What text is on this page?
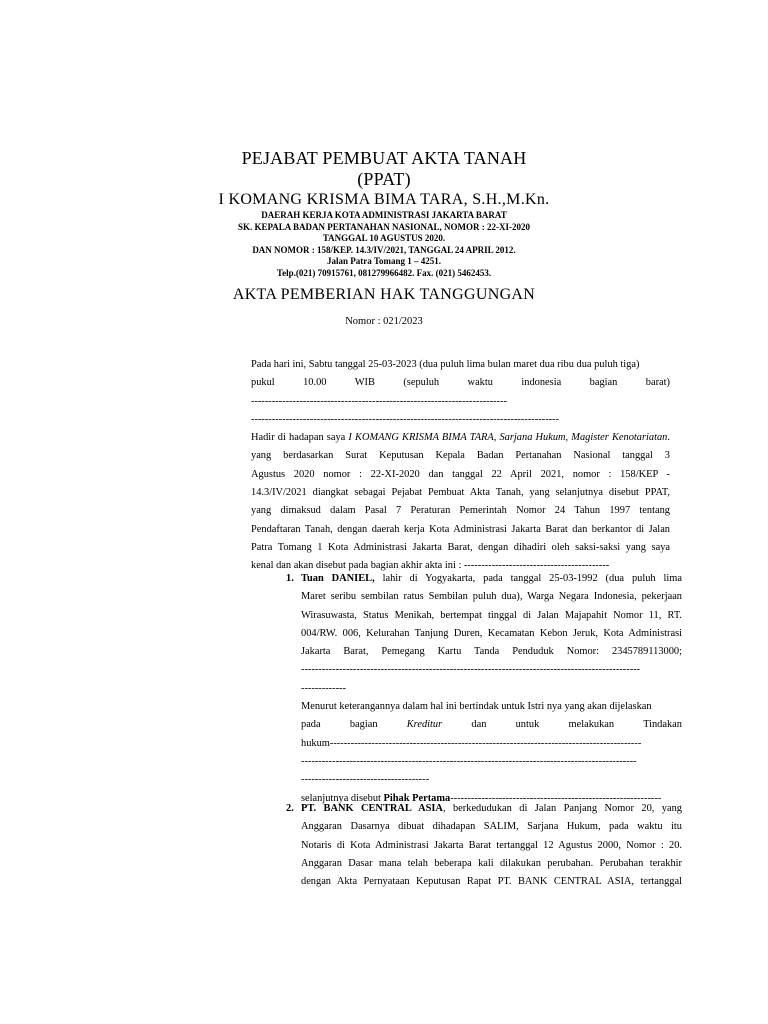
PEJABAT PEMBUAT AKTA TANAH
(PPAT)
I KOMANG KRISMA BIMA TARA, S.H.,M.Kn.
DAERAH KERJA KOTA ADMINISTRASI JAKARTA BARAT
SK. KEPALA BADAN PERTANAHAN NASIONAL, NOMOR : 22-XI-2020
TANGGAL 10 AGUSTUS 2020.
DAN NOMOR : 158/KEP. 14.3/IV/2021, TANGGAL 24 APRIL 2012.
Jalan Patra Tomang 1 – 4251.
Telp.(021) 70915761, 081279966482. Fax. (021) 5462453.
AKTA PEMBERIAN HAK TANGGUNGAN
Nomor : 021/2023
Pada hari ini, Sabtu tanggal 25-03-2023 (dua puluh lima bulan maret dua ribu dua puluh tiga)
pukul 10.00 WIB (sepuluh waktu indonesia bagian barat)
--------------------------------------------------------------------------
-----------------------------------------------------------------------------------------
Hadir di hadapan saya I KOMANG KRISMA BIMA TARA, Sarjana Hukum, Magister Kenotariatan. yang berdasarkan Surat Keputusan Kepala Badan Pertanahan Nasional tanggal 3
Agustus 2020 nomor : 22-XI-2020 dan tanggal 22 April 2021, nomor : 158/KEP -
14.3/IV/2021 diangkat sebagai Pejabat Pembuat Akta Tanah, yang selanjutnya disebut PPAT,
yang dimaksud dalam Pasal 7 Peraturan Pemerintah Nomor 24 Tahun 1997 tentang
Pendaftaran Tanah, dengan daerah kerja Kota Administrasi Jakarta Barat dan berkantor di Jalan
Patra Tomang 1 Kota Administrasi Jakarta Barat, dengan dihadiri oleh saksi-saksi yang saya
kenal dan akan disebut pada bagian akhir akta ini : ------------------------------------------
1. Tuan DANIEL, lahir di Yogyakarta, pada tanggal 25-03-1992 (dua puluh lima
Maret seribu sembilan ratus Sembilan puluh dua), Warga Negara Indonesia, pekerjaan
Wirasuwasta, Status Menikah, bertempat tinggal di Jalan Majapahit Nomor 11, RT.
004/RW. 006, Kelurahan Tanjung Duren, Kecamatan Kebon Jeruk, Kota Administrasi
Jakarta Barat, Pemegang Kartu Tanda Penduduk Nomor: 2345789113000;
--------------------------------------------------------------------------------------------------
-------------
Menurut keterangannya dalam hal ini bertindak untuk Istri nya yang akan dijelaskan
pada bagian Kreditur dan untuk melakukan Tindakan
hukum------------------------------------------------------------------------------------------
-------------------------------------------------------------------------------------------------
-------------------------------------
selanjutnya disebut Pihak Pertama-------------------------------------------------------------
2. PT. BANK CENTRAL ASIA, berkedudukan di Jalan Panjang Nomor 20, yang
Anggaran Dasarnya dibuat dihadapan SALIM, Sarjana Hukum, pada waktu itu
Notaris di Kota Administrasi Jakarta Barat tertanggal 12 Agustus 2000, Nomor : 20.
Anggaran Dasar mana telah beberapa kali dilakukan perubahan. Perubahan terakhir
dengan Akta Pernyataan Keputusan Rapat PT. BANK CENTRAL ASIA, tertanggal
